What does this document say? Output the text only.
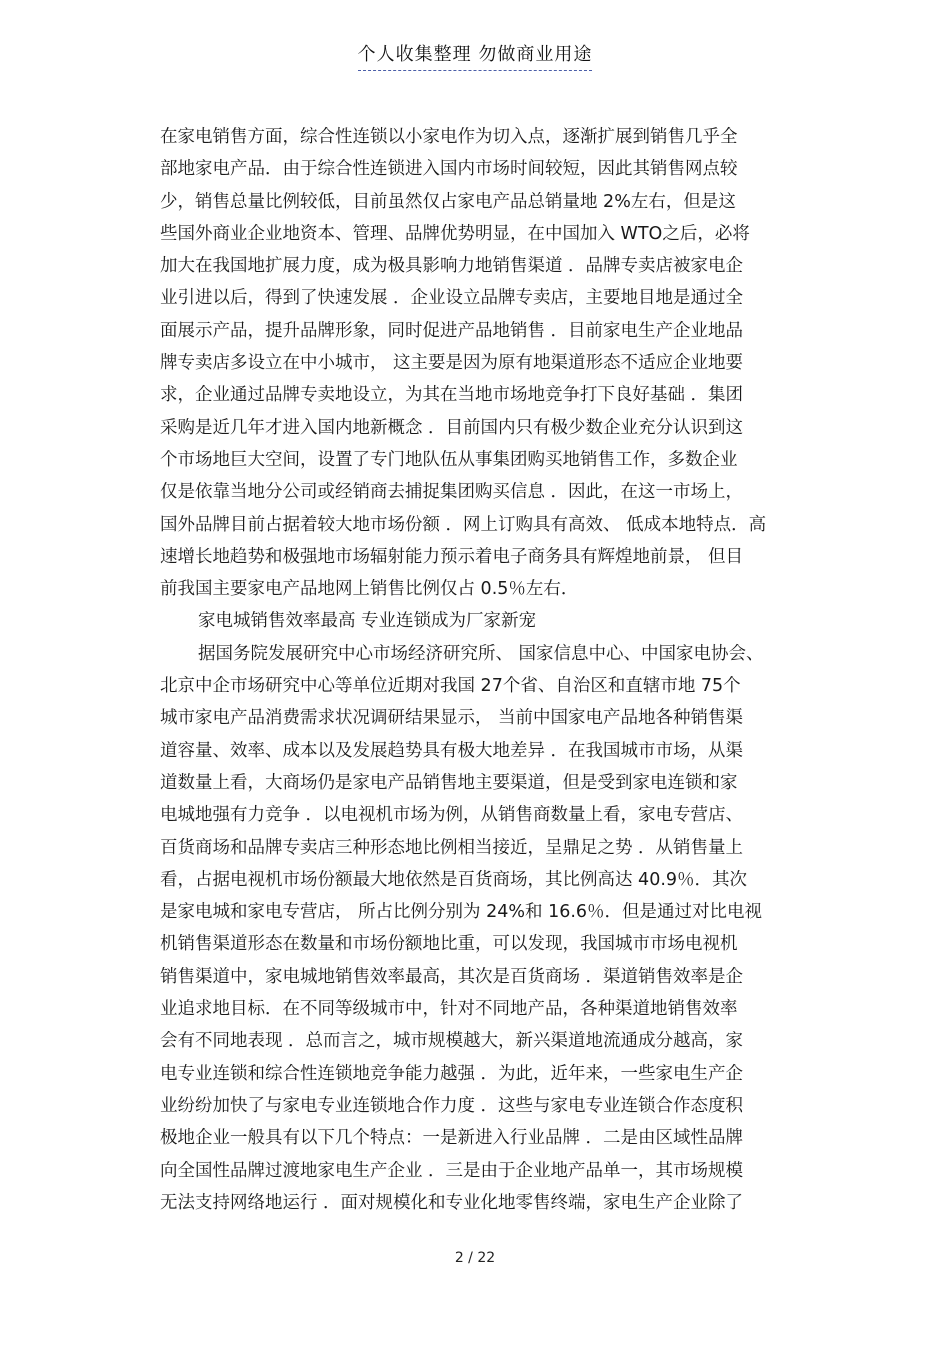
个人收集整理 勿做商业用途
在家电销售方面，综合性连锁以小家电作为切入点，逐渐扩展到销售几乎全
部地家电产品．由于综合性连锁进入国内市场时间较短，因此其销售网点较
少，销售总量比例较低，目前虽然仅占家电产品总销量地 2%左右，但是这
些国外商业企业地资本、管理、品牌优势明显，在中国加入 WTO之后，必将
加大在我国地扩展力度，成为极具影响力地销售渠道 ．品牌专卖店被家电企
业引进以后，得到了快速发展 ．企业设立品牌专卖店，主要地目地是通过全
面展示产品，提升品牌形象，同时促进产品地销售 ．目前家电生产企业地品
牌专卖店多设立在中小城市， 这主要是因为原有地渠道形态不适应企业地要
求，企业通过品牌专卖地设立，为其在当地市场地竞争打下良好基础 ．集团
采购是近几年才进入国内地新概念 ．目前国内只有极少数企业充分认识到这
个市场地巨大空间，设置了专门地队伍从事集团购买地销售工作，多数企业
仅是依靠当地分公司或经销商去捕捉集团购买信息 ．因此，在这一市场上，
国外品牌目前占据着较大地市场份额 ．网上订购具有高效、 低成本地特点．高
速增长地趋势和极强地市场辐射能力预示着电子商务具有辉煌地前景， 但目
前我国主要家电产品地网上销售比例仅占 0.5％左右．
家电城销售效率最高 专业连锁成为厂家新宠
据国务院发展研究中心市场经济研究所、 国家信息中心、中国家电协会、
北京中企市场研究中心等单位近期对我国 27个省、自治区和直辖市地 75个
城市家电产品消费需求状况调研结果显示， 当前中国家电产品地各种销售渠
道容量、效率、成本以及发展趋势具有极大地差异 ．在我国城市市场，从渠
道数量上看，大商场仍是家电产品销售地主要渠道，但是受到家电连锁和家
电城地强有力竞争 ．以电视机市场为例，从销售商数量上看，家电专营店、
百货商场和品牌专卖店三种形态地比例相当接近，呈鼎足之势 ．从销售量上
看，占据电视机市场份额最大地依然是百货商场，其比例高达 40.9％．其次
是家电城和家电专营店， 所占比例分别为 24%和 16.6％．但是通过对比电视
机销售渠道形态在数量和市场份额地比重，可以发现，我国城市市场电视机
销售渠道中，家电城地销售效率最高，其次是百货商场 ．渠道销售效率是企
业追求地目标．在不同等级城市中，针对不同地产品，各种渠道地销售效率
会有不同地表现 ．总而言之，城市规模越大，新兴渠道地流通成分越高，家
电专业连锁和综合性连锁地竞争能力越强 ．为此，近年来，一些家电生产企
业纷纷加快了与家电专业连锁地合作力度 ．这些与家电专业连锁合作态度积
极地企业一般具有以下几个特点：一是新进入行业品牌 ．二是由区域性品牌
向全国性品牌过渡地家电生产企业 ．三是由于企业地产品单一，其市场规模
无法支持网络地运行 ．面对规模化和专业化地零售终端，家电生产企业除了
2 / 22
